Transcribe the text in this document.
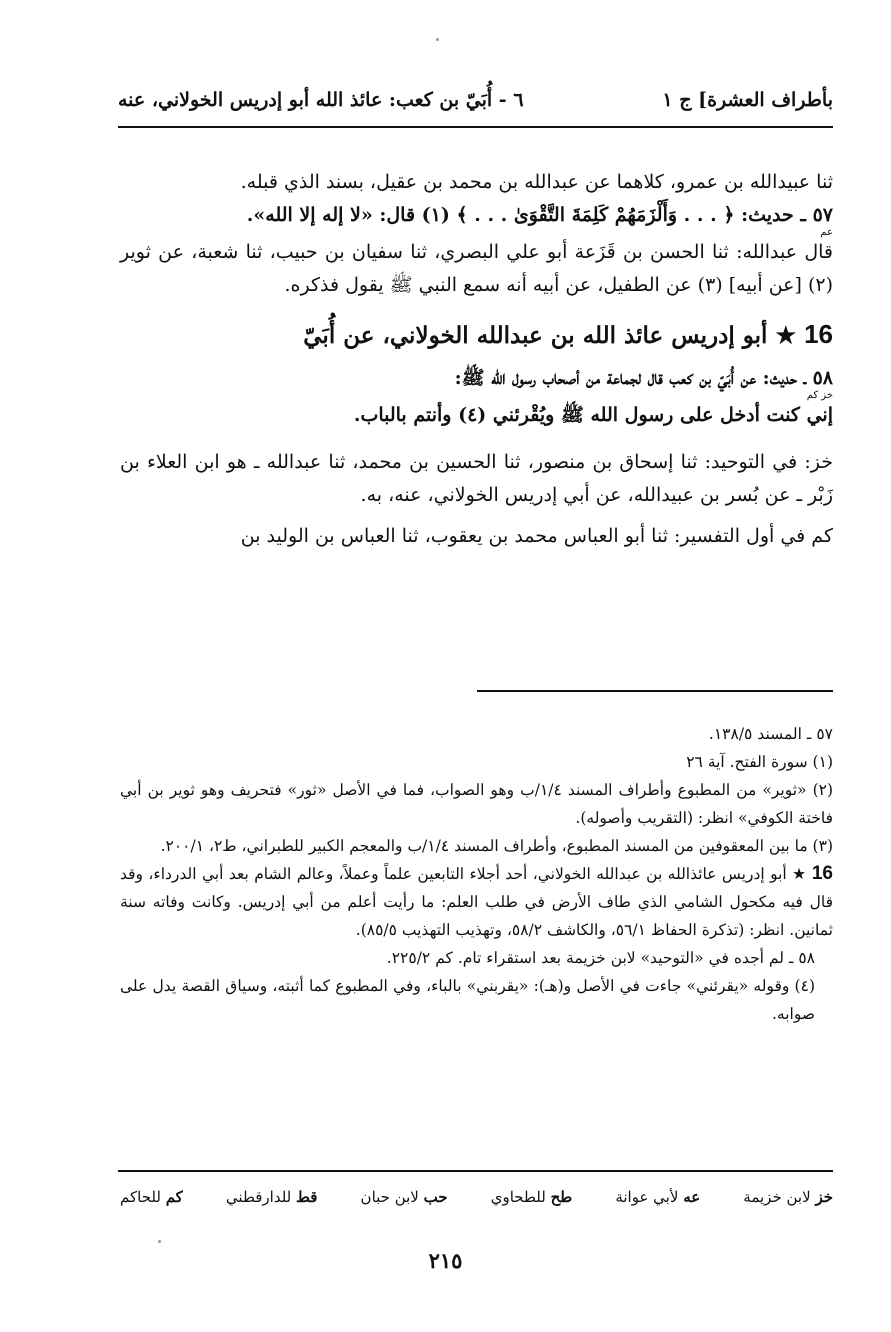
بأطراف العشرة] ج ١
٦ - أُبَيّ بن كعب: عائذ الله أبو إدريس الخولاني، عنه

ثنا عبيدالله بن عمرو، كلاهما عن عبدالله بن محمد بن عقيل، بسند الذي قبله.

٥٧ ـ حديث: ﴿ . . . وَأَلْزَمَهُمْ كَلِمَةَ التَّقْوَىٰ . . . ﴾ (١) قال: «لا إله إلا الله».

عم

قال عبدالله: ثنا الحسن بن قَزَعة أبو علي البصري، ثنا سفيان بن حبيب، ثنا شعبة، عن ثوير (٢) [عن أبيه] (٣) عن الطفيل، عن أبيه أنه سمع النبي ﷺ يقول فذكره.

16 ★ أبو إدريس عائذ الله بن عبدالله الخولاني، عن أُبَيّ

٥٨ ـ حديث: عن أُبَيّ بن كعب قال لجماعة من أصحاب رسول الله ﷺ:

خز كم

إني كنت أدخل على رسول الله ﷺ ويُقْرئني (٤) وأنتم بالباب.

خز: في التوحيد: ثنا إسحاق بن منصور، ثنا الحسين بن محمد، ثنا عبدالله ـ هو ابن العلاء بن زَبْر ـ عن بُسر بن عبيدالله، عن أبي إدريس الخولاني، عنه، به.

كم في أول التفسير: ثنا أبو العباس محمد بن يعقوب، ثنا العباس بن الوليد بن

٥٧ ـ المسند ١٣٨/٥.

(١) سورة الفتح. آية ٢٦

(٢) «ثوير» من المطبوع وأطراف المسند ١/٤/ب وهو الصواب، فما في الأصل «ثور» فتحريف وهو ثوير بن أبي فاختة الكوفي» انظر: (التقريب وأصوله).

(٣) ما بين المعقوفين من المسند المطبوع، وأطراف المسند ١/٤/ب والمعجم الكبير للطبراني، ط٢، ٢٠٠/١.

16 ★ أبو إدريس عائذالله بن عبدالله الخولاني، أحد أجلاء التابعين علماً وعملاً، وعالم الشام بعد أبي الدرداء، وقد قال فيه مكحول الشامي الذي طاف الأرض في طلب العلم: ما رأيت أعلم من أبي إدريس. وكانت وفاته سنة ثمانين. انظر: (تذكرة الحفاظ ٥٦/١، والكاشف ٥٨/٢، وتهذيب التهذيب ٨٥/٥).

٥٨ ـ لم أجده في «التوحيد» لابن خزيمة بعد استقراء تام. كم ٢٢٥/٢.

(٤) وقوله «يقرئني» جاءت في الأصل و(هـ): «يقربني» بالباء، وفي المطبوع كما أثبته، وسياق القصة يدل على صوابه.

خز لابن خزيمة
عه لأبي عوانة
طح للطحاوي
حب لابن حبان
قط للدارقطني
كم للحاكم
٢١٥
